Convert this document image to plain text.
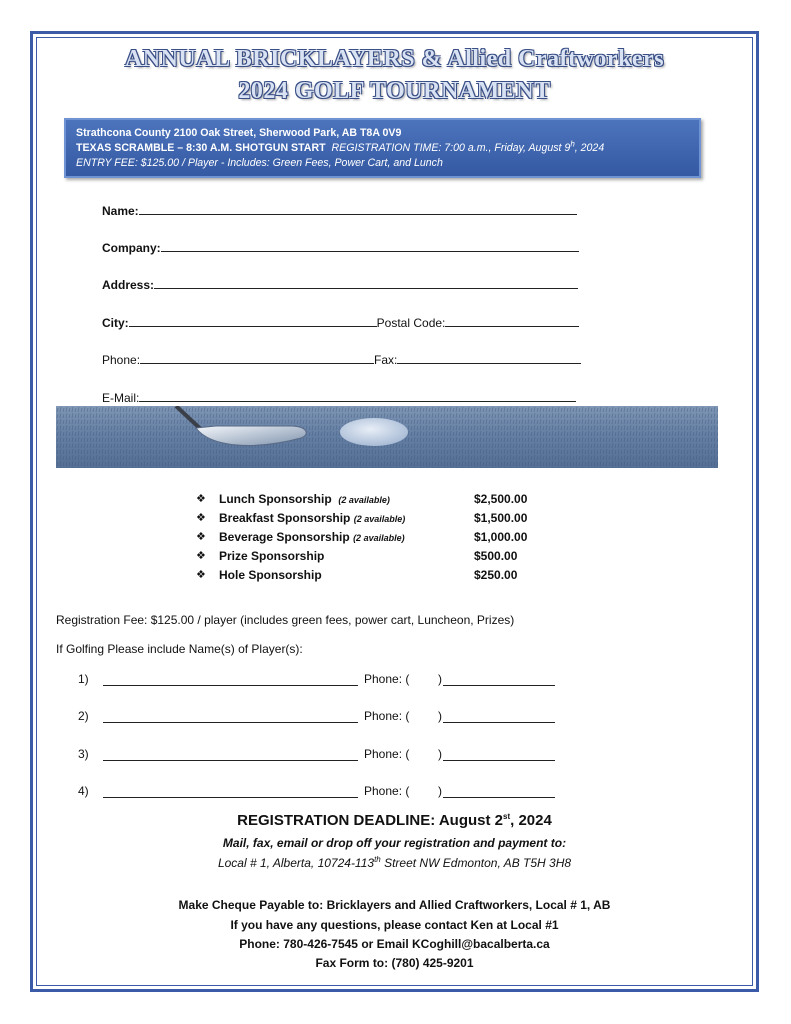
ANNUAL BRICKLAYERS & Allied Craftworkers
2024 GOLF TOURNAMENT
Strathcona County 2100 Oak Street, Sherwood Park, AB T8A 0V9
TEXAS SCRAMBLE – 8:30 A.M. SHOTGUN START REGISTRATION TIME: 7:00 a.m., Friday, August 9$^h$, 2024
ENTRY FEE: $125.00 / Player - Includes: Green Fees, Power Cart, and Lunch
Name:
Company:
Address:
City:	Postal Code:
Phone:	Fax:
E-Mail:
❖ Lunch Sponsorship (2 available)	$2,500.00
❖ Breakfast Sponsorship (2 available)	$1,500.00
❖ Beverage Sponsorship (2 available)	$1,000.00
❖ Prize Sponsorship	$500.00
❖ Hole Sponsorship	$250.00
Registration Fee: $125.00 / player (includes green fees, power cart, Luncheon, Prizes)
If Golfing Please include Name(s) of Player(s):
1)	Phone: ( )
2)	Phone: ( )
3)	Phone: ( )
4)	Phone: ( )
REGISTRATION DEADLINE: August 2st, 2024
Mail, fax, email or drop off your registration and payment to:
Local # 1, Alberta, 10724-113th Street NW Edmonton, AB T5H 3H8
Make Cheque Payable to: Bricklayers and Allied Craftworkers, Local # 1, AB
If you have any questions, please contact Ken at Local #1
Phone: 780-426-7545 or Email KCoghill@bacalberta.ca
Fax Form to: (780) 425-9201
